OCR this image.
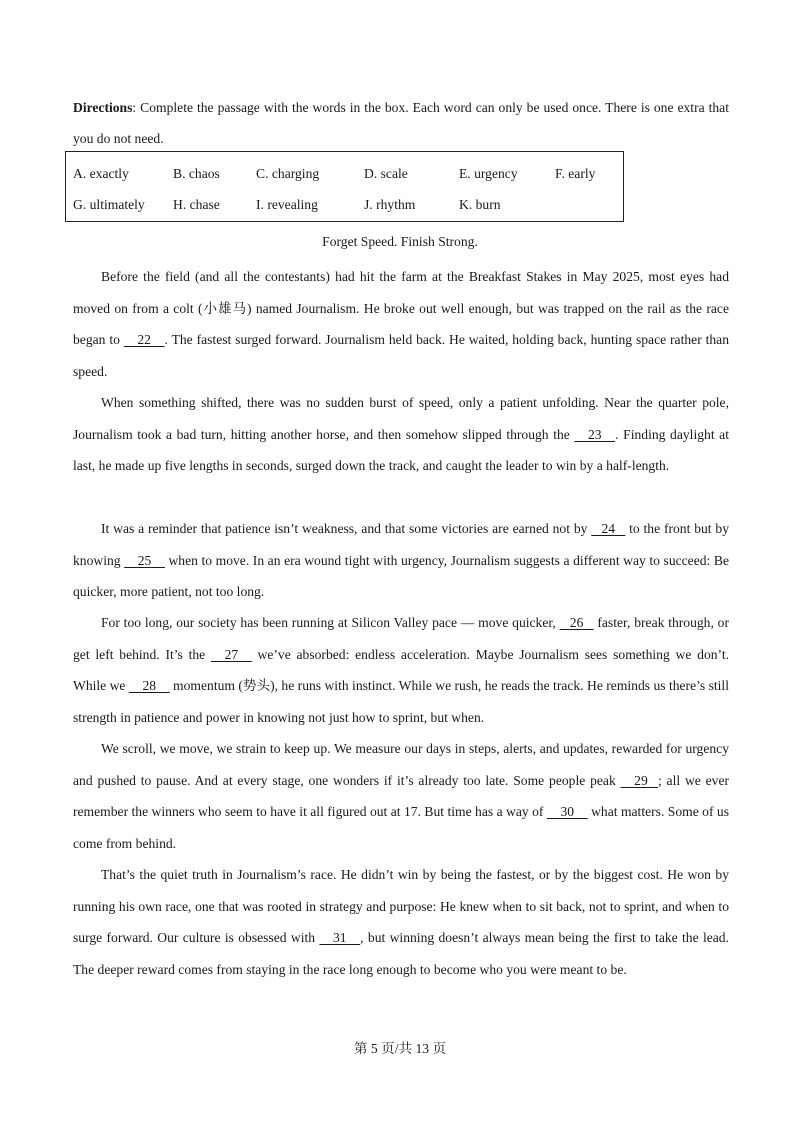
Directions: Complete the passage with the words in the box. Each word can only be used once. There is one extra that you do not need.

A. exactly	B. chaos	C. charging	D. scale	E. urgency	F. early
G. ultimately H. chase	I. revealing	J. rhythm	K. burn
Forget Speed. Finish Strong.

Before the field (and all the contestants) had hit the farm at the Breakfast Stakes in May 2025, most eyes had moved on from a colt (小雄马) named Journalism. He broke out well enough, but was trapped on the rail as the race began to     22 . The fastest surged forward. Journalism held back. He waited, holding back, hunting space rather than speed.

When something shifted, there was no sudden burst of speed, only a patient unfolding. Near the quarter pole, Journalism took a bad turn, hitting another horse, and then somehow slipped through the     23 . Finding daylight at last, he made up five lengths in seconds, surged down the track, and caught the leader to win by a half-length.

It was a reminder that patience isn’t weakness, and that some victories are earned not by    24    to the front but by knowing     25     when to move. In an era wound tight with urgency, Journalism suggests a different way to succeed: Be quicker, more patient, not too long.

For too long, our society has been running at Silicon Valley pace — move quicker,    26    faster, break through, or get left behind. It’s the     27     we’ve absorbed: endless acceleration. Maybe Journalism sees something we don’t. While we     28     momentum (势头), he runs with instinct. While we rush, he reads the track. He reminds us there’s still strength in patience and power in knowing not just how to sprint, but when.

We scroll, we move, we strain to keep up. We measure our days in steps, alerts, and updates, rewarded for urgency and pushed to pause. And at every stage, one wonders if it’s already too late. Some people peak     29 ; all we ever remember the winners who seem to have it all figured out at 17. But time has a way of     30     what matters. Some of us come from behind.

That’s the quiet truth in Journalism’s race. He didn’t win by being the fastest, or by the biggest cost. He won by running his own race, one that was rooted in strategy and purpose: He knew when to sit back, not to sprint, and when to surge forward. Our culture is obsessed with     31 , but winning doesn’t always mean being the first to take the lead. The deeper reward comes from staying in the race long enough to become who you were meant to be.

第 5 页/共 13 页
